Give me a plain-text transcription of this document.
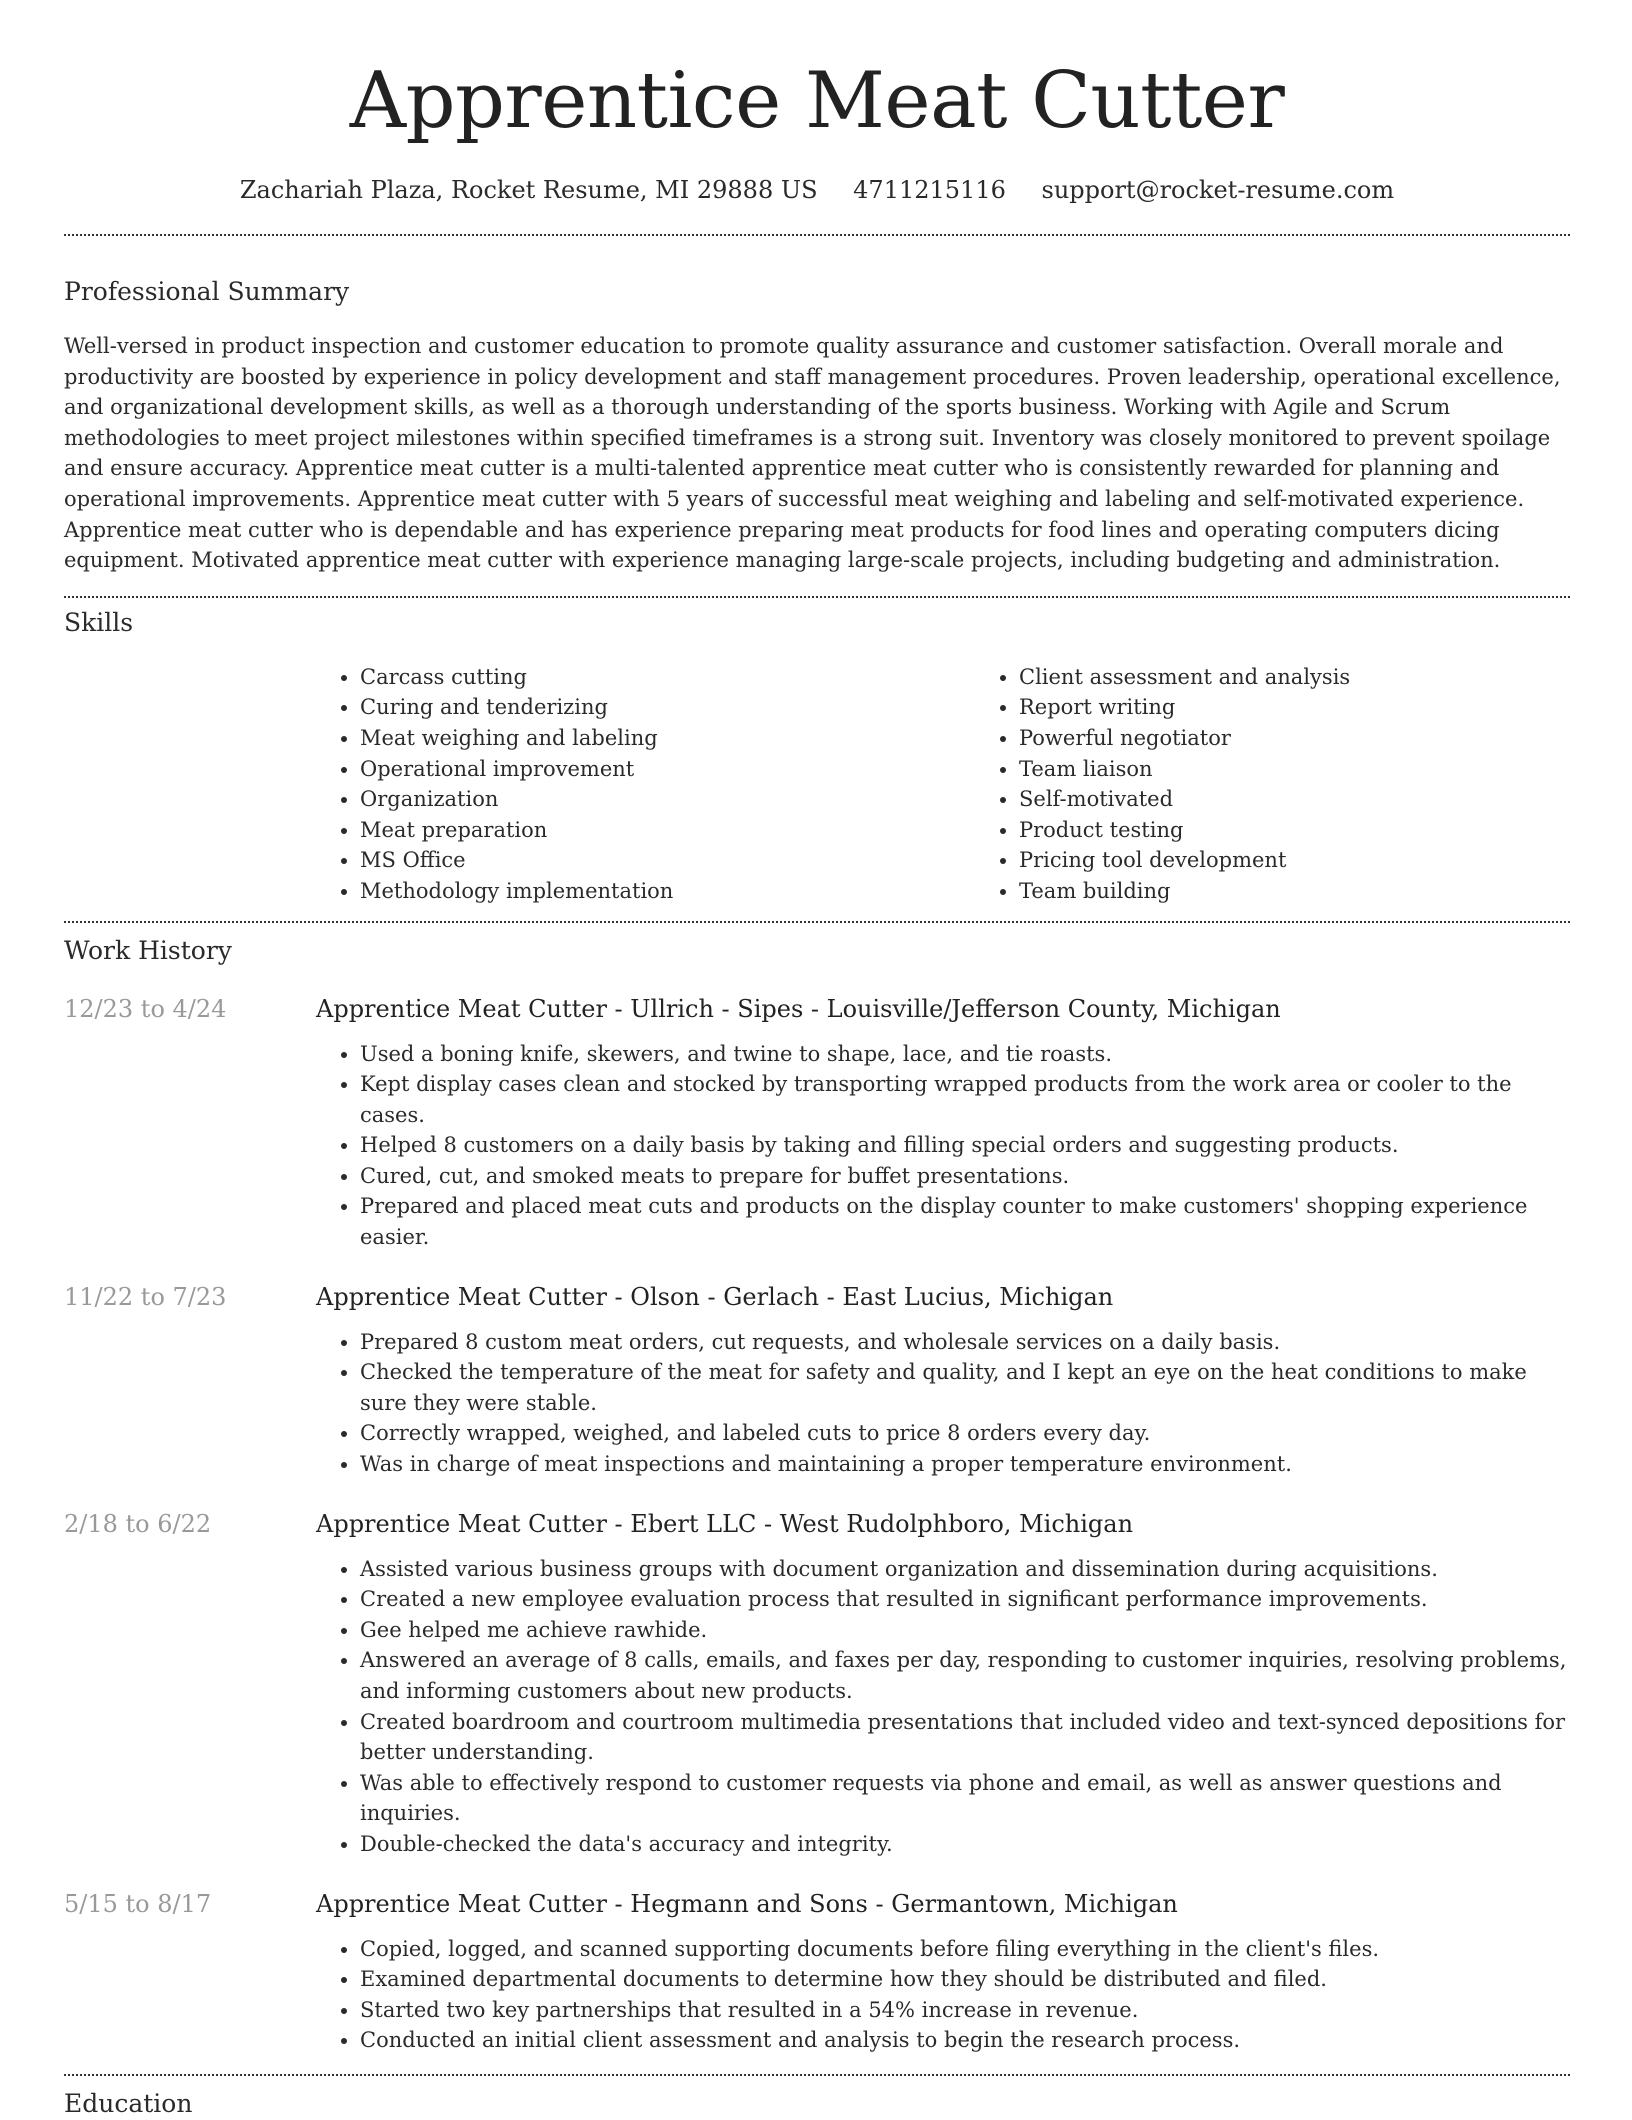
Apprentice Meat Cutter
Zachariah Plaza, Rocket Resume, MI 29888 US 4711215116 support@rocket-resume.com
Professional Summary

Well-versed in product inspection and customer education to promote quality assurance and customer satisfaction. Overall morale and productivity are boosted by experience in policy development and staff management procedures. Proven leadership, operational excellence, and organizational development skills, as well as a thorough understanding of the sports business. Working with Agile and Scrum methodologies to meet project milestones within specified timeframes is a strong suit. Inventory was closely monitored to prevent spoilage and ensure accuracy. Apprentice meat cutter is a multi-talented apprentice meat cutter who is consistently rewarded for planning and operational improvements. Apprentice meat cutter with 5 years of successful meat weighing and labeling and self-motivated experience. Apprentice meat cutter who is dependable and has experience preparing meat products for food lines and operating computers dicing equipment. Motivated apprentice meat cutter with experience managing large-scale projects, including budgeting and administration.

Skills
• Carcass cutting
• Curing and tenderizing
• Meat weighing and labeling
• Operational improvement
• Organization
• Meat preparation
• MS Office
• Methodology implementation
• Client assessment and analysis
• Report writing
• Powerful negotiator
• Team liaison
• Self-motivated
• Product testing
• Pricing tool development
• Team building
Work History
12/23 to 4/24	Apprentice Meat Cutter - Ullrich - Sipes - Louisville/Jefferson County, Michigan
• Used a boning knife, skewers, and twine to shape, lace, and tie roasts.
• Kept display cases clean and stocked by transporting wrapped products from the work area or cooler to the cases.
• Helped 8 customers on a daily basis by taking and filling special orders and suggesting products.
• Cured, cut, and smoked meats to prepare for buffet presentations.
• Prepared and placed meat cuts and products on the display counter to make customers' shopping experience easier.
11/22 to 7/23	Apprentice Meat Cutter - Olson - Gerlach - East Lucius, Michigan
• Prepared 8 custom meat orders, cut requests, and wholesale services on a daily basis.
• Checked the temperature of the meat for safety and quality, and I kept an eye on the heat conditions to make sure they were stable.
• Correctly wrapped, weighed, and labeled cuts to price 8 orders every day.
• Was in charge of meat inspections and maintaining a proper temperature environment.
2/18 to 6/22	Apprentice Meat Cutter - Ebert LLC - West Rudolphboro, Michigan
• Assisted various business groups with document organization and dissemination during acquisitions.
• Created a new employee evaluation process that resulted in significant performance improvements.
• Gee helped me achieve rawhide.
• Answered an average of 8 calls, emails, and faxes per day, responding to customer inquiries, resolving problems, and informing customers about new products.
• Created boardroom and courtroom multimedia presentations that included video and text-synced depositions for better understanding.
• Was able to effectively respond to customer requests via phone and email, as well as answer questions and inquiries.
• Double-checked the data's accuracy and integrity.
5/15 to 8/17	Apprentice Meat Cutter - Hegmann and Sons - Germantown, Michigan
• Copied, logged, and scanned supporting documents before filing everything in the client's files.
• Examined departmental documents to determine how they should be distributed and filed.
• Started two key partnerships that resulted in a 54% increase in revenue.
• Conducted an initial client assessment and analysis to begin the research process.
Education
